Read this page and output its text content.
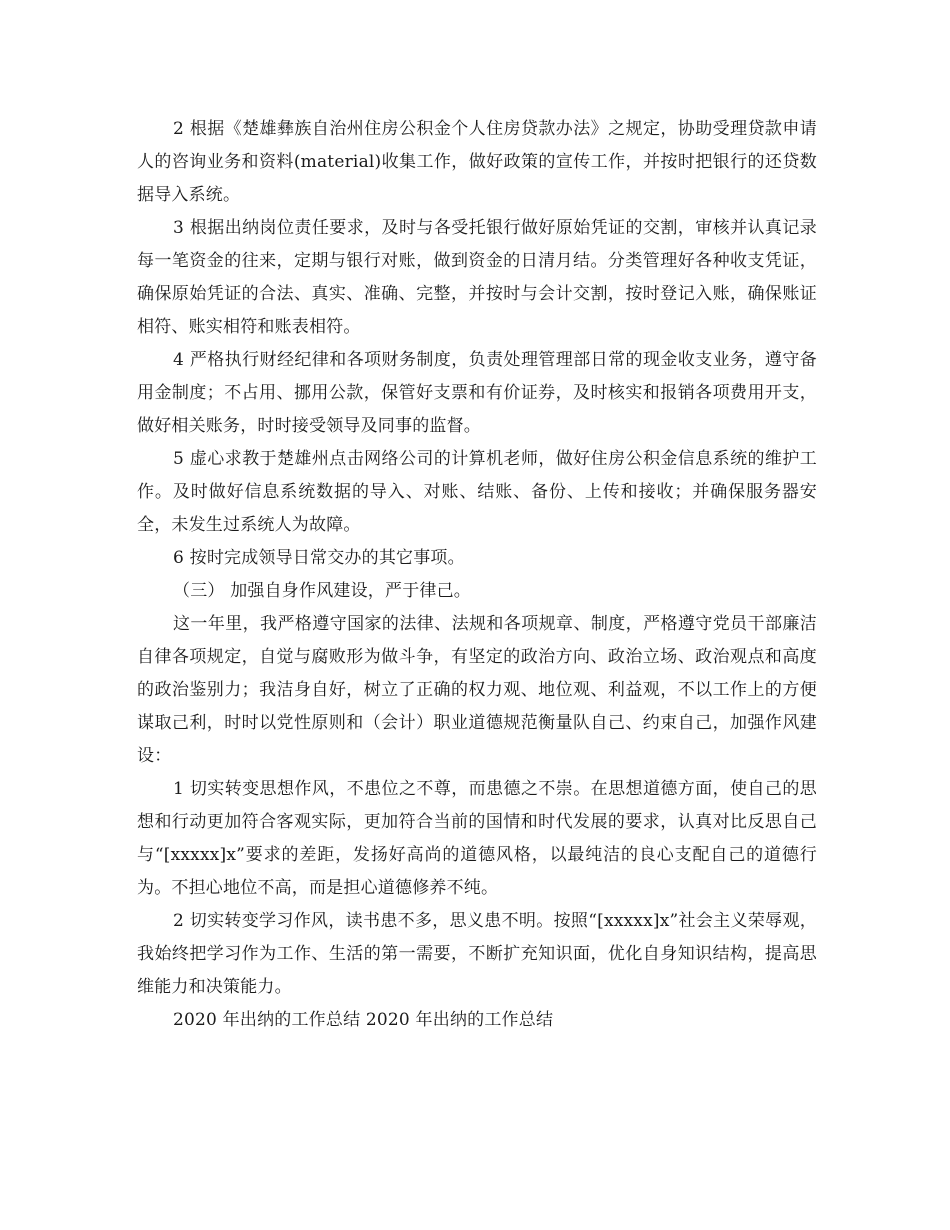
2 根据《楚雄彝族自治州住房公积金个人住房贷款办法》之规定，协助受理贷款申请人的咨询业务和资料(material)收集工作，做好政策的宣传工作，并按时把银行的还贷数据导入系统。

3 根据出纳岗位责任要求，及时与各受托银行做好原始凭证的交割，审核并认真记录每一笔资金的往来，定期与银行对账，做到资金的日清月结。分类管理好各种收支凭证，确保原始凭证的合法、真实、准确、完整，并按时与会计交割，按时登记入账，确保账证相符、账实相符和账表相符。

4 严格执行财经纪律和各项财务制度，负责处理管理部日常的现金收支业务，遵守备用金制度；不占用、挪用公款，保管好支票和有价证券，及时核实和报销各项费用开支，做好相关账务，时时接受领导及同事的监督。

5 虚心求教于楚雄州点击网络公司的计算机老师，做好住房公积金信息系统的维护工作。及时做好信息系统数据的导入、对账、结账、备份、上传和接收；并确保服务器安全，未发生过系统人为故障。

6 按时完成领导日常交办的其它事项。

（三） 加强自身作风建设，严于律己。

这一年里，我严格遵守国家的法律、法规和各项规章、制度，严格遵守党员干部廉洁自律各项规定，自觉与腐败形为做斗争，有坚定的政治方向、政治立场、政治观点和高度的政治鉴别力；我洁身自好，树立了正确的权力观、地位观、利益观，不以工作上的方便谋取己利，时时以党性原则和（会计）职业道德规范衡量队自己、约束自己，加强作风建设：

1 切实转变思想作风，不患位之不尊，而患德之不崇。在思想道德方面，使自己的思想和行动更加符合客观实际，更加符合当前的国情和时代发展的要求，认真对比反思自己与“[xxxxx]x”要求的差距，发扬好高尚的道德风格，以最纯洁的良心支配自己的道德行为。不担心地位不高，而是担心道德修养不纯。

2 切实转变学习作风，读书患不多，思义患不明。按照“[xxxxx]x”社会主义荣辱观，我始终把学习作为工作、生活的第一需要，不断扩充知识面，优化自身知识结构，提高思维能力和决策能力。

2020 年出纳的工作总结 2020 年出纳的工作总结
